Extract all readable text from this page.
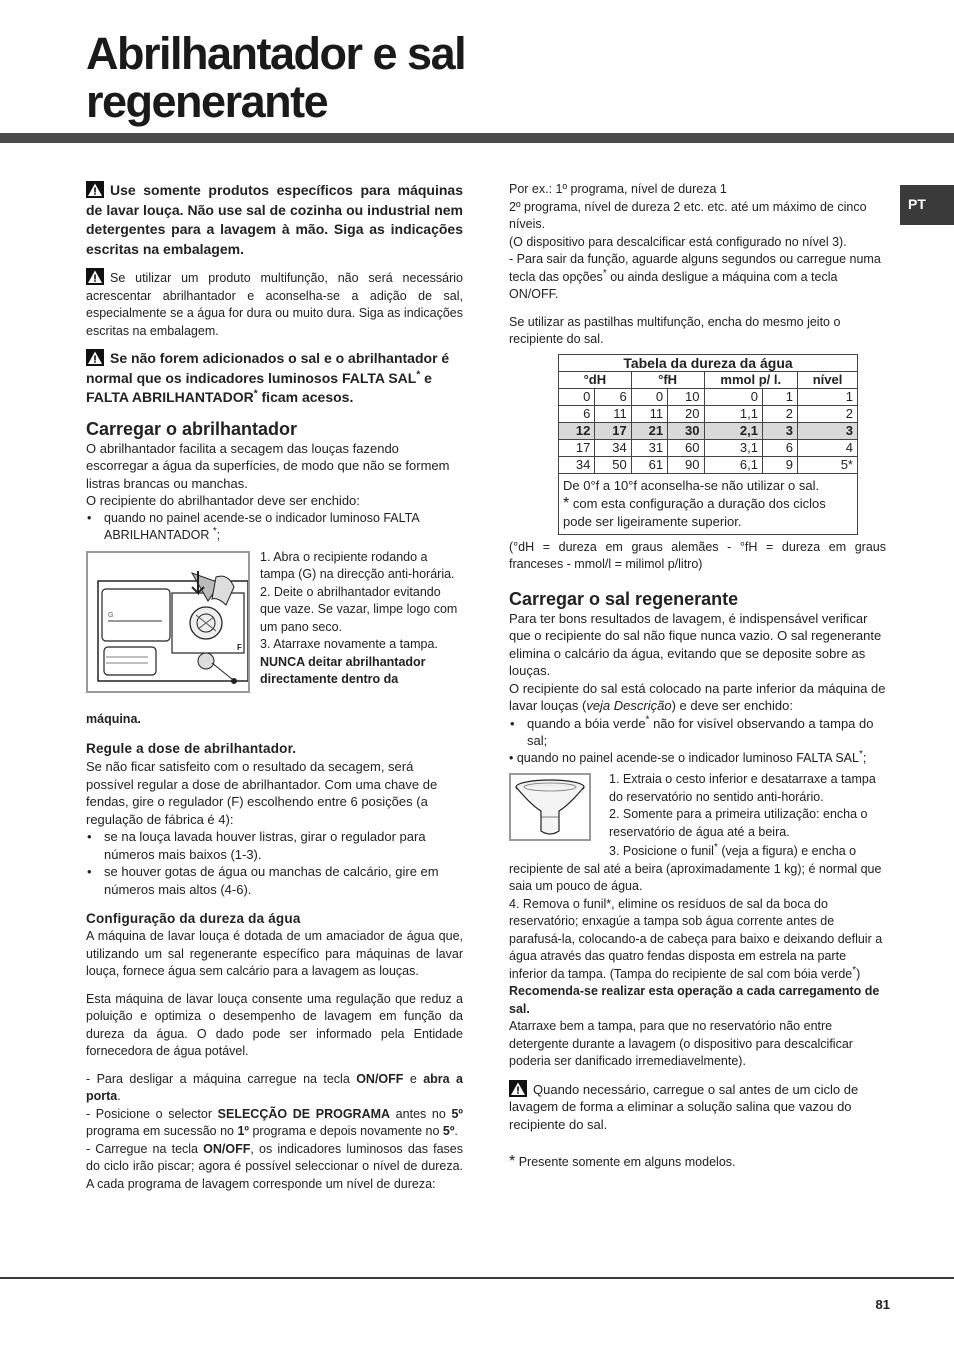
Abrilhantador e sal
regenerante
PT

Use somente produtos específicos para máquinas de lavar louça. Não use sal de cozinha ou industrial nem detergentes para a lavagem à mão. Siga as indicações escritas na embalagem.

Se utilizar um produto multifunção, não será necessário acrescentar abrilhantador e aconselha-se a adição de sal, especialmente se a água for dura ou muito dura. Siga as indicações escritas na embalagem.

Se não forem adicionados o sal e o abrilhantador é normal que os indicadores luminosos FALTA SAL* e FALTA ABRILHANTADOR* ficam acesos.

Carregar o abrilhantador

O abrilhantador facilita a secagem das louças fazendo escorregar a água da superfícies, de modo que não se formem listras brancas ou manchas.

O recipiente do abrilhantador deve ser enchido:

• quando no painel acende-se o indicador luminoso FALTA ABRILHANTADOR *;
F
G

1. Abra o recipiente rodando a tampa (G) na direcção anti-horária.

2. Deite o abrilhantador evitando que vaze. Se vazar, limpe logo com um pano seco.

3. Atarraxe novamente a tampa.

NUNCA deitar abrilhantador directamente dentro da

máquina.

Regule a dose de abrilhantador.

Se não ficar satisfeito com o resultado da secagem, será possível regular a dose de abrilhantador. Com uma chave de fendas, gire o regulador (F) escolhendo entre 6 posições (a regulação de fábrica é 4):

• se na louça lavada houver listras, girar o regulador para números mais baixos (1-3).
• se houver gotas de água ou manchas de calcário, gire em números mais altos (4-6).
Configuração da dureza da água

A máquina de lavar louça é dotada de um amaciador de água que, utilizando um sal regenerante específico para máquinas de lavar louça, fornece água sem calcário para a lavagem as louças.

Esta máquina de lavar louça consente uma regulação que reduz a poluição e optimiza o desempenho de lavagem em função da dureza da água. O dado pode ser informado pela Entidade fornecedora de água potável.

- Para desligar a máquina carregue na tecla ON/OFF e abra a porta.

- Posicione o selector SELECÇÃO DE PROGRAMA antes no 5º programa em sucessão no 1º programa e depois novamente no 5º.

- Carregue na tecla ON/OFF, os indicadores luminosos das fases do ciclo irão piscar; agora é possível seleccionar o nível de dureza. A cada programa de lavagem corresponde um nível de dureza:

Por ex.: 1º programa, nível de dureza 1

2º programa, nível de dureza 2 etc. etc. até um máximo de cinco níveis.

(O dispositivo para descalcificar está configurado no nível 3).

- Para sair da função, aguarde alguns segundos ou carregue numa tecla das opções* ou ainda desligue a máquina com a tecla ON/OFF.

Se utilizar as pastilhas multifunção, encha do mesmo jeito o recipiente do sal.

Tabela da dureza da água						
°dH		°fH		mmol p/ l.		nível
0	6	0	10	0	1	1
6	11	11	20	1,1	2	2
12	17	21	30	2,1	3	3
17	34	31	60	3,1	6	4
34	50	61	90	6,1	9	5*
De 0°f a 10°f aconselha-se não utilizar o sal.
* com esta configuração a duração dos ciclos pode ser ligeiramente superior.						

(°dH = dureza em graus alemães - °fH = dureza em graus franceses - mmol/l = milimol p/litro)

Carregar o sal regenerante

Para ter bons resultados de lavagem, é indispensável verificar que o recipiente do sal não fique nunca vazio. O sal regenerante elimina o calcário da água, evitando que se deposite sobre as louças.

O recipiente do sal está colocado na parte inferior da máquina de lavar louças (veja Descrição) e deve ser enchido:

• quando a bóia verde* não for visível observando a tampa do sal;

• quando no painel acende-se o indicador luminoso FALTA SAL*;

1. Extraia o cesto inferior e desatarraxe a tampa do reservatório no sentido anti-horário.

2. Somente para a primeira utilização: encha o reservatório de água até a beira.

3. Posicione o funil* (veja a figura) e encha o recipiente de sal até a beira (aproximadamente 1 kg); é normal que saia um pouco de água.

4. Remova o funil*, elimine os resíduos de sal da boca do reservatório; enxagúe a tampa sob água corrente antes de parafusá-la, colocando-a de cabeça para baixo e deixando defluir a água através das quatro fendas disposta em estrela na parte inferior da tampa. (Tampa do recipiente de sal com bóia verde*)

Recomenda-se realizar esta operação a cada carregamento de sal.

Atarraxe bem a tampa, para que no reservatório não entre detergente durante a lavagem (o dispositivo para descalcificar poderia ser danificado irremediavelmente).

Quando necessário, carregue o sal antes de um ciclo de lavagem de forma a eliminar a solução salina que vazou do recipiente do sal.

* Presente somente em alguns modelos.

81
